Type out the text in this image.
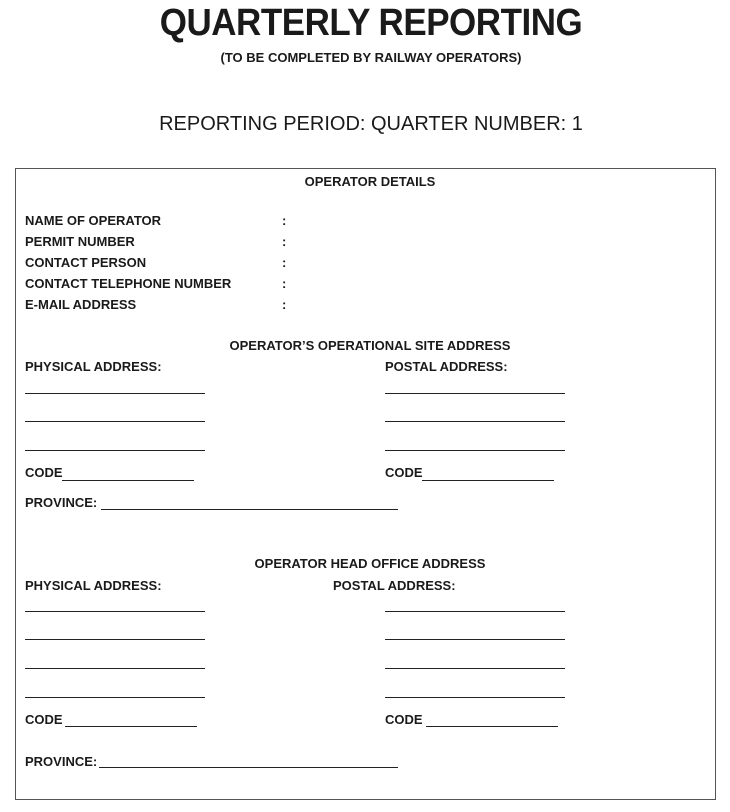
QUARTERLY REPORTING
(TO BE COMPLETED BY RAILWAY OPERATORS)
REPORTING PERIOD: QUARTER NUMBER: 1
OPERATOR DETAILS
NAME OF OPERATOR	:
PERMIT NUMBER	:
CONTACT PERSON	:
CONTACT TELEPHONE NUMBER	:
E-MAIL ADDRESS	:
OPERATOR’S OPERATIONAL SITE ADDRESS
PHYSICAL ADDRESS:	POSTAL ADDRESS:
CODE	CODE
PROVINCE:
OPERATOR HEAD OFFICE ADDRESS
PHYSICAL ADDRESS:	POSTAL ADDRESS:
CODE	CODE
PROVINCE:
